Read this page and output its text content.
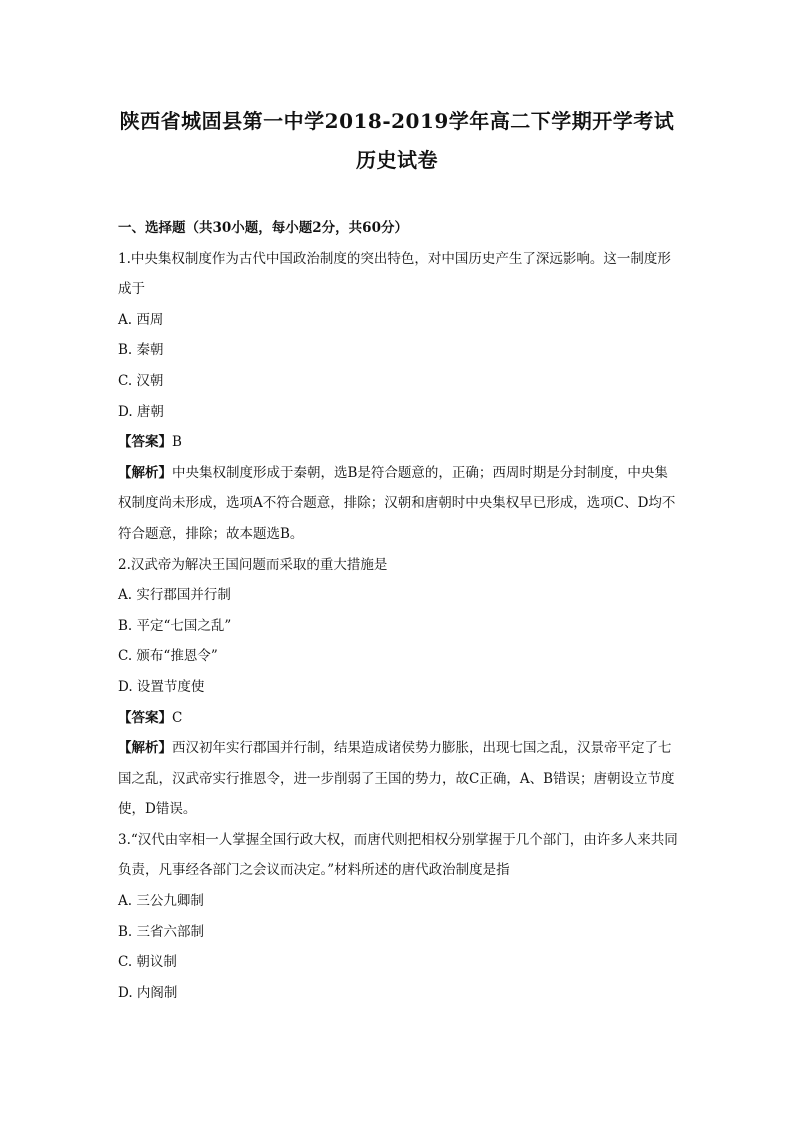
陕西省城固县第一中学2018-2019学年高二下学期开学考试
历史试卷

一、选择题（共30小题，每小题2分，共60分）

1.中央集权制度作为古代中国政治制度的突出特色，对中国历史产生了深远影响。这一制度形成于

A. 西周

B. 秦朝

C. 汉朝

D. 唐朝

【答案】B

【解析】中央集权制度形成于秦朝，选B是符合题意的，正确；西周时期是分封制度，中央集权制度尚未形成，选项A不符合题意，排除；汉朝和唐朝时中央集权早已形成，选项C、D均不符合题意，排除；故本题选B。

2.汉武帝为解决王国问题而采取的重大措施是

A. 实行郡国并行制

B. 平定“七国之乱”

C. 颁布“推恩令”

D. 设置节度使

【答案】C

【解析】西汉初年实行郡国并行制，结果造成诸侯势力膨胀，出现七国之乱，汉景帝平定了七国之乱，汉武帝实行推恩令，进一步削弱了王国的势力，故C正确，A、B错误；唐朝设立节度使，D错误。

3.“汉代由宰相一人掌握全国行政大权，而唐代则把相权分别掌握于几个部门，由许多人来共同负责，凡事经各部门之会议而决定。”材料所述的唐代政治制度是指

A. 三公九卿制

B. 三省六部制

C. 朝议制

D. 内阁制
